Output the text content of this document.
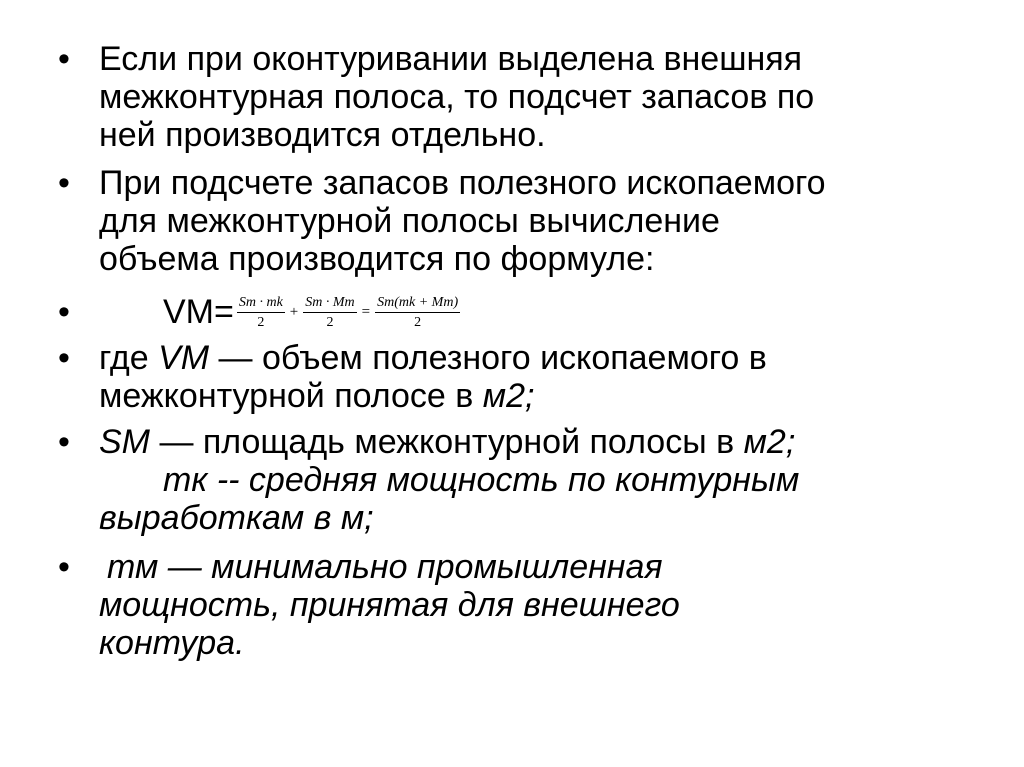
• Если при оконтуривании выделена внешняя
межконтурная полоса, то подсчет запасов по
ней производится отдельно.
• При подсчете запасов полезного ископаемого
для межконтурной полосы вычисление
объема производится по формуле:
•	$VM= \frac{Sm \cdot mk}{2} + \frac{Sm \cdot Mm}{2} = \frac{Sm(mk + Mm)}{2}$
• где VM — объем полезного ископаемого в
межконтурной полосе в м2;
• SM — площадь межконтурной полосы в м2;
тк -- средняя мощность по контурным
выработкам в м;
• тм — минимально промышленная
мощность, принятая для внешнего
контура.
